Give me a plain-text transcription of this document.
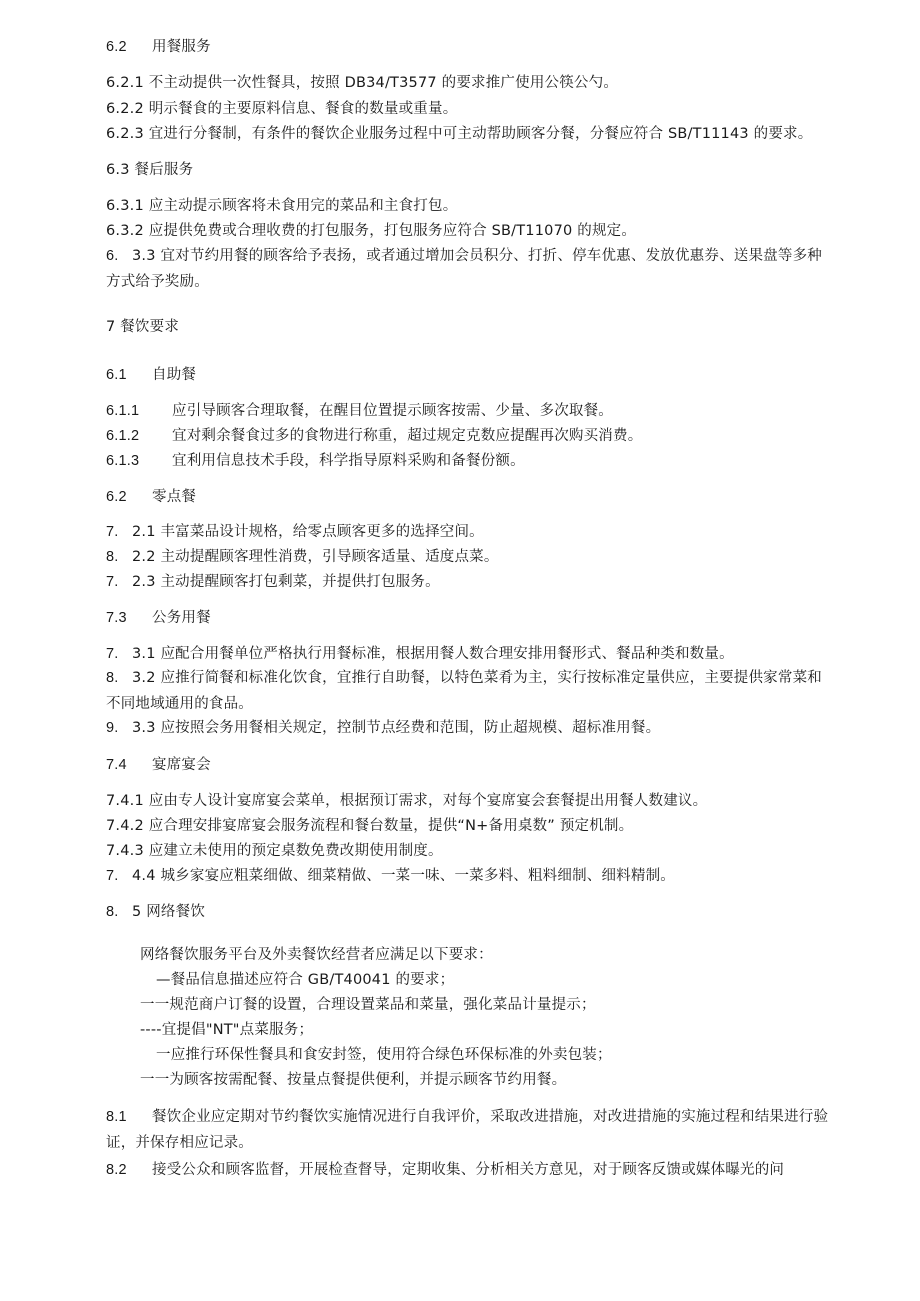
6.2 用餐服务
6.2.1 不主动提供一次性餐具，按照 DB34/T3577 的要求推广使用公筷公勺。
6.2.2 明示餐食的主要原料信息、餐食的数量或重量。
6.2.3 宜进行分餐制，有条件的餐饮企业服务过程中可主动帮助顾客分餐，分餐应符合 SB/T11143 的要求。
6.3 餐后服务
6.3.1 应主动提示顾客将未食用完的菜品和主食打包。
6.3.2 应提供免费或合理收费的打包服务，打包服务应符合 SB/T11070 的规定。
6. 3.3 宜对节约用餐的顾客给予表扬，或者通过增加会员积分、打折、停车优惠、发放优惠券、送果盘等多种方式给予奖励。
7 餐饮要求
6.1 自助餐
6.1.1 应引导顾客合理取餐，在醒目位置提示顾客按需、少量、多次取餐。
6.1.2 宜对剩余餐食过多的食物进行称重，超过规定克数应提醒再次购买消费。
6.1.3 宜利用信息技术手段，科学指导原料采购和备餐份额。
6.2 零点餐
7. 2.1 丰富菜品设计规格，给零点顾客更多的选择空间。
8. 2.2 主动提醒顾客理性消费，引导顾客适量、适度点菜。
7. 2.3 主动提醒顾客打包剩菜，并提供打包服务。
7.3 公务用餐
7. 3.1 应配合用餐单位严格执行用餐标准，根据用餐人数合理安排用餐形式、餐品种类和数量。
8. 3.2 应推行简餐和标准化饮食，宜推行自助餐，以特色菜肴为主，实行按标准定量供应，主要提供家常菜和不同地域通用的食品。
9. 3.3 应按照会务用餐相关规定，控制节点经费和范围，防止超规模、超标准用餐。
7.4 宴席宴会
7.4.1 应由专人设计宴席宴会菜单，根据预订需求，对每个宴席宴会套餐提出用餐人数建议。
7.4.2 应合理安排宴席宴会服务流程和餐台数量，提供“N+备用桌数” 预定机制。
7.4.3 应建立未使用的预定桌数免费改期使用制度。
7. 4.4 城乡家宴应粗菜细做、细菜精做、一菜一味、一菜多料、粗料细制、细料精制。
8. 5 网络餐饮
网络餐饮服务平台及外卖餐饮经营者应满足以下要求：
—餐品信息描述应符合 GB/T40041 的要求；
一一规范商户订餐的设置，合理设置菜品和菜量，强化菜品计量提示；
----宜提倡"NT"点菜服务；
一应推行环保性餐具和食安封签，使用符合绿色环保标准的外卖包装；
一一为顾客按需配餐、按量点餐提供便利，并提示顾客节约用餐。
8.1 餐饮企业应定期对节约餐饮实施情况进行自我评价，采取改进措施，对改进措施的实施过程和结果进行验证，并保存相应记录。
8.2 接受公众和顾客监督，开展检查督导，定期收集、分析相关方意见，对于顾客反馈或媒体曝光的问
